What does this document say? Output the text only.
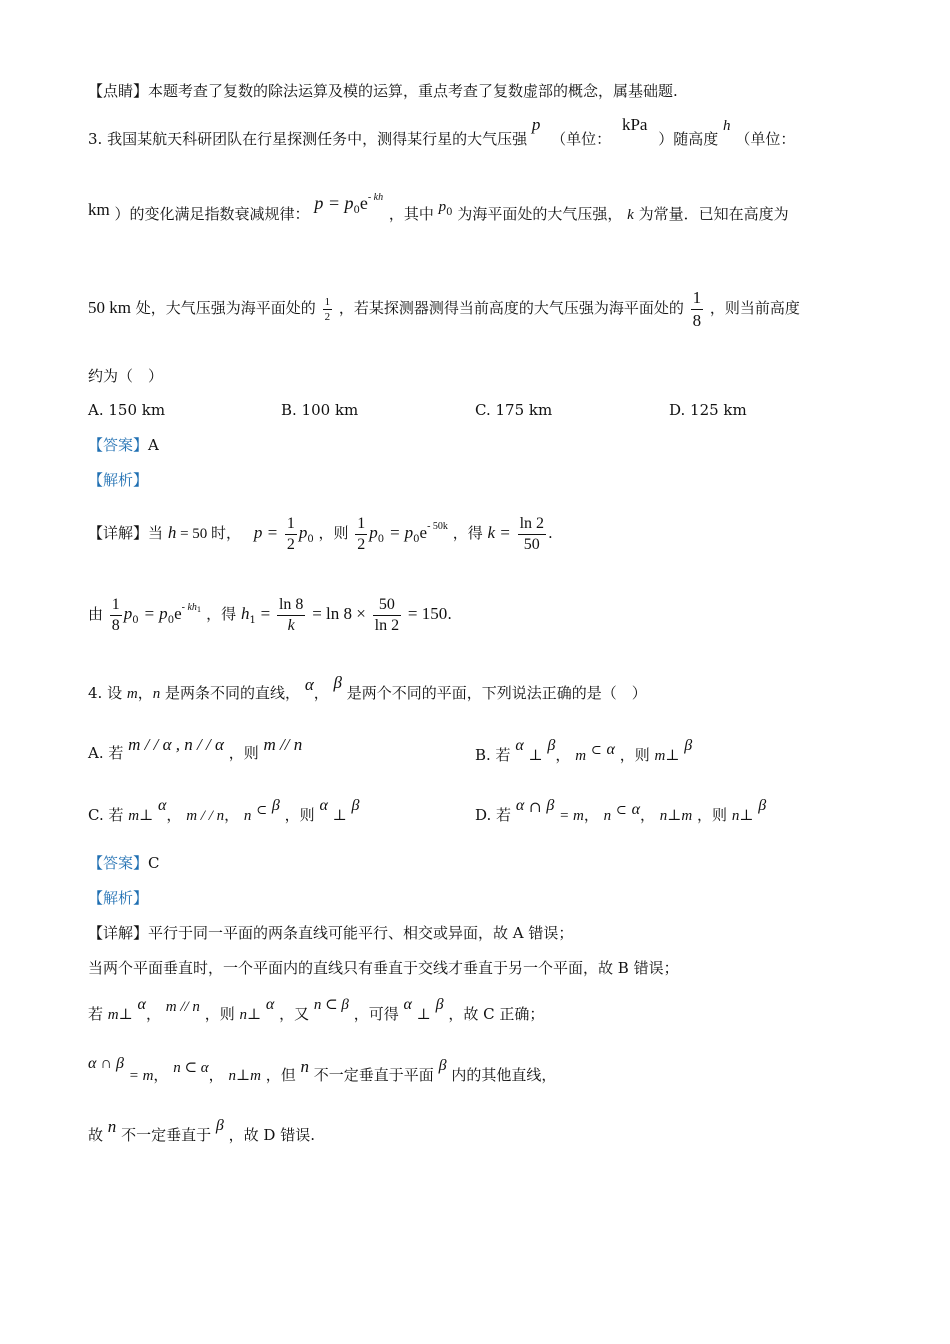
【点睛】本题考查了复数的除法运算及模的运算，重点考查了复数虚部的概念，属基础题.
3. 我国某航天科研团队在行星探测任务中，测得某行星的大气压强 p （单位： kPa ）随高度 h （单位：
km ）的变化满足指数衰减规律： $p = p_0e^{- kh}$ ，其中 $p_0$ 为海平面处的大气压强， k 为常量．已知在高度为
50 km 处，大气压强为海平面处的 $\frac{1}{2}$ ，若某探测器测得当前高度的大气压强为海平面处的 $\frac{1}{8}$ ，则当前高度
约为（　）
A. 150 km	B. 100 km	C. 175 km	D. 125 km
【答案】A
【解析】
【详解】当 h = 50 时， $p = \frac{1}{2} p_0$ ，则 $\frac{1}{2} p_0 = p_0e^{- 50k}$ ，得 $k = \frac{\ln 2}{50}$ .
由 $\frac{1}{8} p_0 = p_0e^{- kh1}$ ，得 $h_1 = \frac{\ln 8}{k} = \ln 8 \times \frac{50}{\ln 2} = 150$.
4. 设 m，n 是两条不同的直线， α， β 是两个不同的平面，下列说法正确的是（　）
A. 若 m / / α , n / / α ，则 m // n
B. 若 α ⊥ β， m ⊂ α ，则 m⊥ β
C. 若 m⊥ α， m / / n， n ⊂ β ，则 α ⊥ β
D. 若 α ∩ β = m， n ⊂ α， n⊥m ，则 n⊥ β
【答案】C
【解析】
【详解】平行于同一平面的两条直线可能平行、相交或异面，故 A 错误；
当两个平面垂直时，一个平面内的直线只有垂直于交线才垂直于另一个平面，故 B 错误；
若 m⊥ α， m // n ，则 n⊥ α ，又 n ⊂ β ，可得 α ⊥ β ，故 C 正确；
α ∩ β = m， n ⊂ α， n⊥m ，但 n 不一定垂直于平面 β 内的其他直线，
故 n 不一定垂直于 β ，故 D 错误.
